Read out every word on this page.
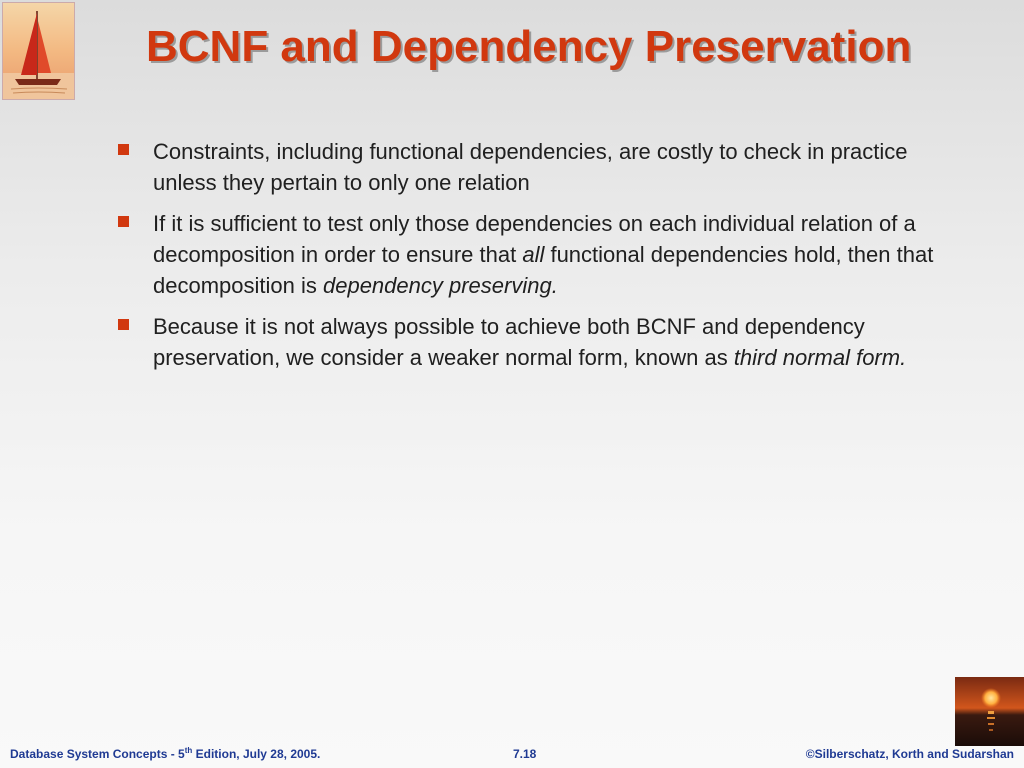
BCNF and Dependency Preservation
Constraints, including functional dependencies, are costly to check in practice unless they pertain to only one relation
If it is sufficient to test only those dependencies on each individual relation of a decomposition in order to ensure that all functional dependencies hold, then that decomposition is dependency preserving.
Because it is not always possible to achieve both BCNF and dependency preservation, we consider a weaker normal form, known as third normal form.
Database System Concepts - 5th Edition, July 28, 2005.	7.18	©Silberschatz, Korth and Sudarshan
